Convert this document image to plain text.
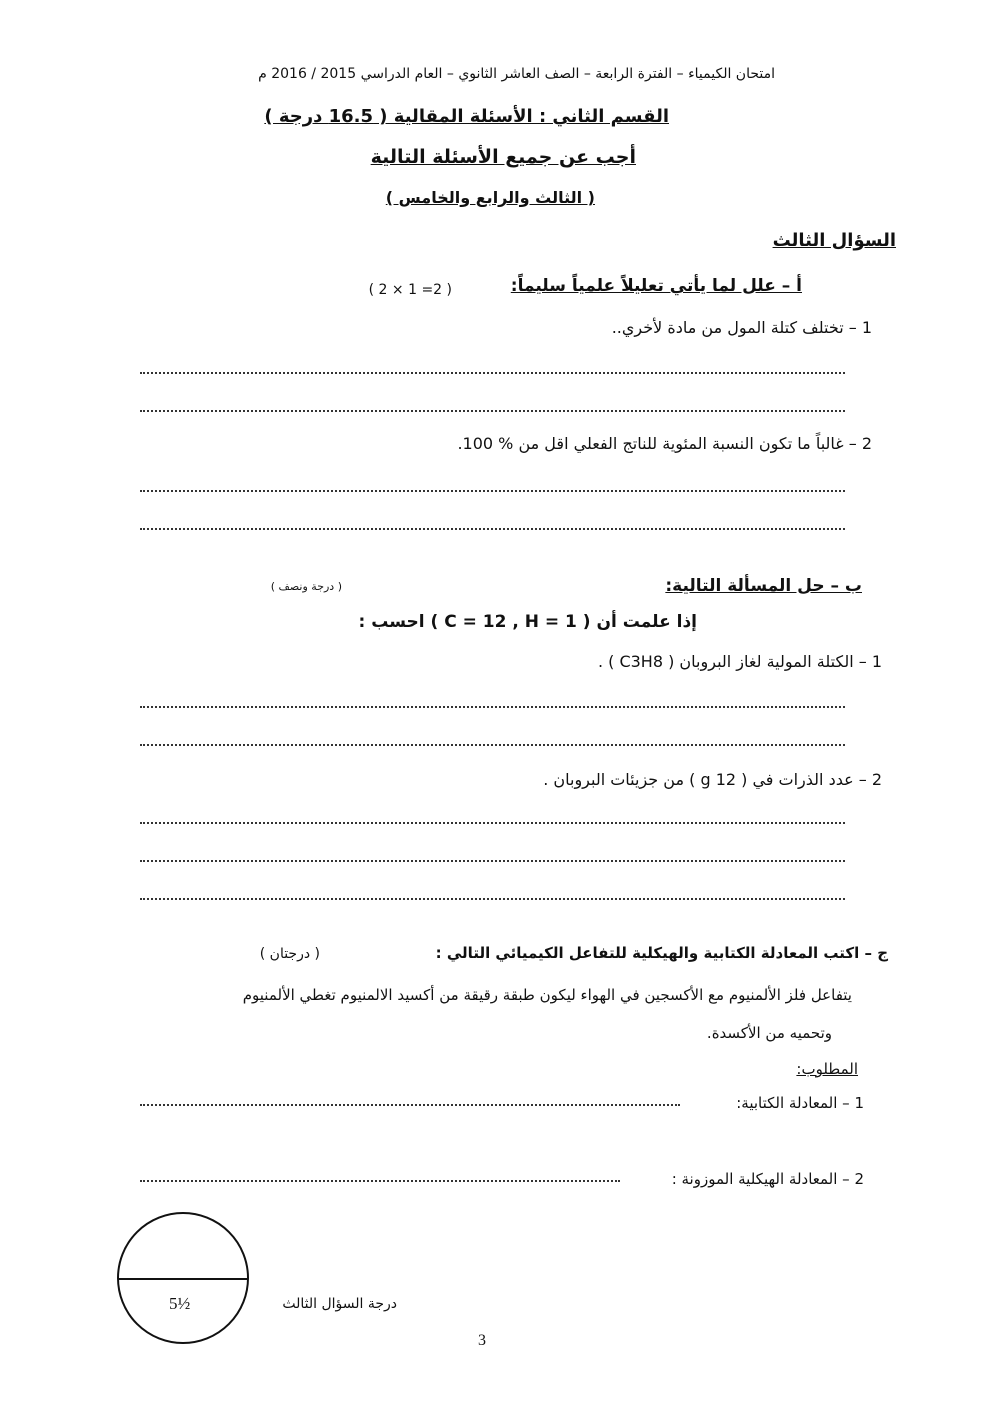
امتحان الكيمياء – الفترة الرابعة – الصف العاشر الثانوي – العام الدراسي 2015 / 2016 م
القسم الثاني : الأسئلة المقالية ( 16.5 درجة )
أجب عن جميع الأسئلة التالية
( الثالث والرابع والخامس )
السؤال الثالث
أ – علل لما يأتي تعليلاً علمياً سليماً:
( 2 × 1 =2 )
1 – تختلف كتلة المول من مادة لأخري..
2 – غالباً ما تكون النسبة المئوية للناتج الفعلي اقل من % 100.
ب – حل المسألة التالية:
( درجة ونصف )
إذا علمت أن ( C = 12 , H = 1 ) احسب :
1 – الكتلة المولية لغاز البروبان ( C3H8 ) .
2 – عدد الذرات في ( 12 g ) من جزيئات البروبان .
ج – اكتب المعادلة الكتابية والهيكلية للتفاعل الكيميائي التالي :
( درجتان )
يتفاعل فلز الألمنيوم مع الأكسجين في الهواء ليكون طبقة رقيقة من أكسيد الالمنيوم تغطي الألمنيوم
وتحميه من الأكسدة.
المطلوب:
1 – المعادلة الكتابية:
2 – المعادلة الهيكلية الموزونة :
5½	درجة السؤال الثالث
3
